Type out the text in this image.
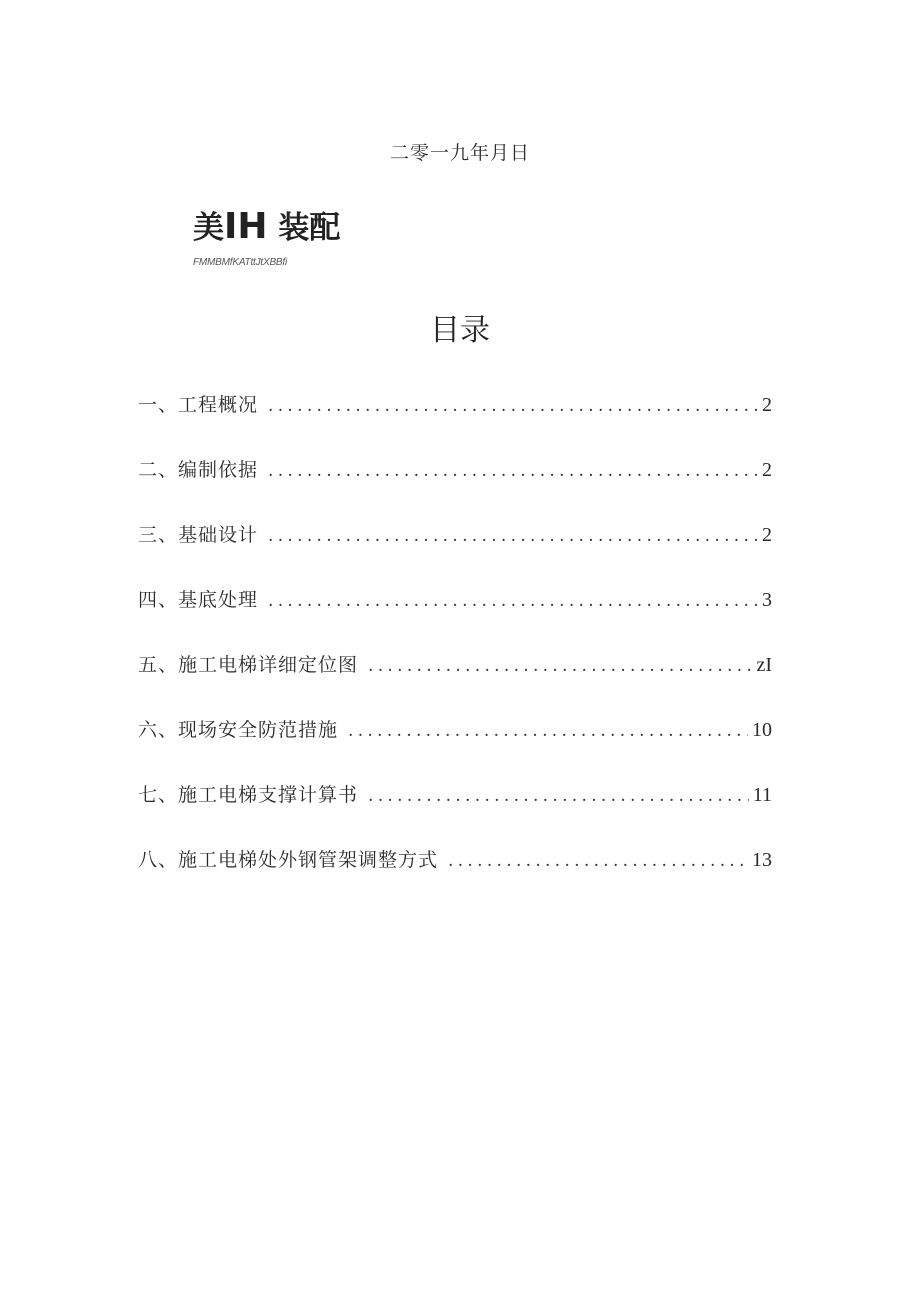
二零一九年月日
美IH 装配
FMMBMfKATttJtXBBfi
目录
一、工程概况 .....	2
二、编制依据 .....	2
三、基础设计 .....	2
四、基底处理 .....	3
五、施工电梯详细定位图 .....	zI
六、现场安全防范措施 .....	10
七、施工电梯支撑计算书 .....	11
八、施工电梯处外钢管架调整方式 .....	13
